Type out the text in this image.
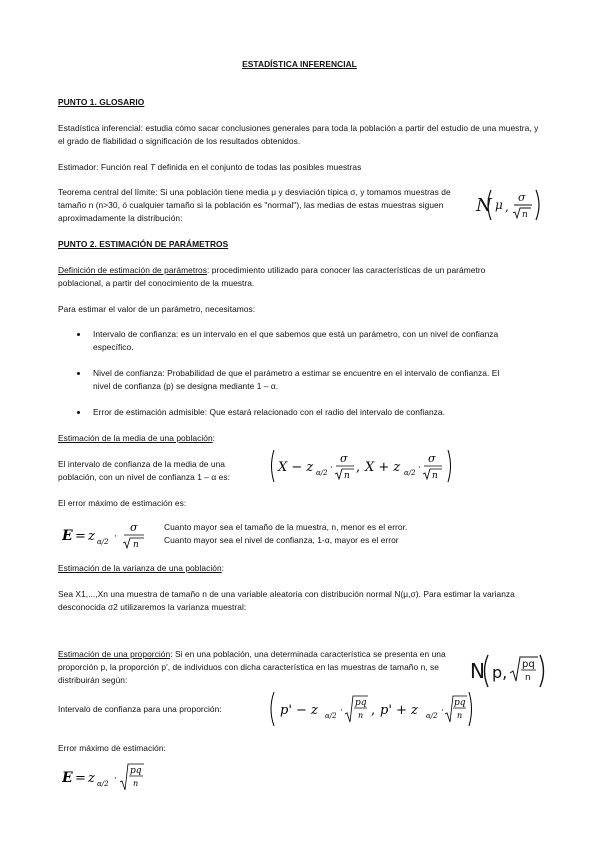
ESTADÍSTICA INFERENCIAL
PUNTO 1. GLOSARIO
Estadística inferencial: estudia cómo sacar conclusiones generales para toda la población a partir del estudio de una muestra, y el grado de fiabilidad o significación de los resultados obtenidos.
Estimador: Función real T definida en el conjunto de todas las posibles muestras
Teorema central del límite: Si una población tiene media μ y desviación típica σ, y tomamos muestras de tamaño n (n>30, ó cualquier tamaño si la población es "normal"), las medias de estas muestras siguen aproximadamente la distribución:
N μ ,
σ
n
PUNTO 2. ESTIMACIÓN DE PARÁMETROS
Definición de estimación de parámetros: procedimiento utilizado para conocer las características de un parámetro poblacional, a partir del conocimiento de la muestra.
Para estimar el valor de un parámetro, necesitamos:
Intervalo de confianza: es un intervalo en el que sabemos que está un parámetro, con un nivel de confianza específico.
Nivel de confianza: Probabilidad de que el parámetro a estimar se encuentre en el intervalo de confianza. El nivel de confianza (p) se designa mediante 1 – α.
Error de estimación admisible: Que estará relacionado con el radio del intervalo de confianza.
Estimación de la media de una población:
El intervalo de confianza de la media de una población, con un nivel de confianza 1 – α es:
X − z α/2 ·
σ
n
, X + z α/2 ·
σ
n
El error máximo de estimación es:
E = z α/2 ·
σ
n
Cuanto mayor sea el tamaño de la muestra, n, menor es el error.
Cuanto mayor sea el nivel de confianza, 1-α, mayor es el error
Estimación de la varianza de una población:
Sea X1,...,Xn una muestra de tamaño n de una variable aleatoria con distribución normal N(μ,σ). Para estimar la varianza desconocida σ2 utilizaremos la varianza muestral:
Estimación de una proporción: Si en una población, una determinada característica se presenta en una proporción p, la proporción p', de individuos con dicha característica en las muestras de tamaño n, se distribuirán según:	N p, pq
n
Intervalo de confianza para una proporción:	p' − z α/2 ·
pq
n , p' + z α/2 ·
pq
n
Error máximo de estimación:
E = z α/2 ·
pq
n
